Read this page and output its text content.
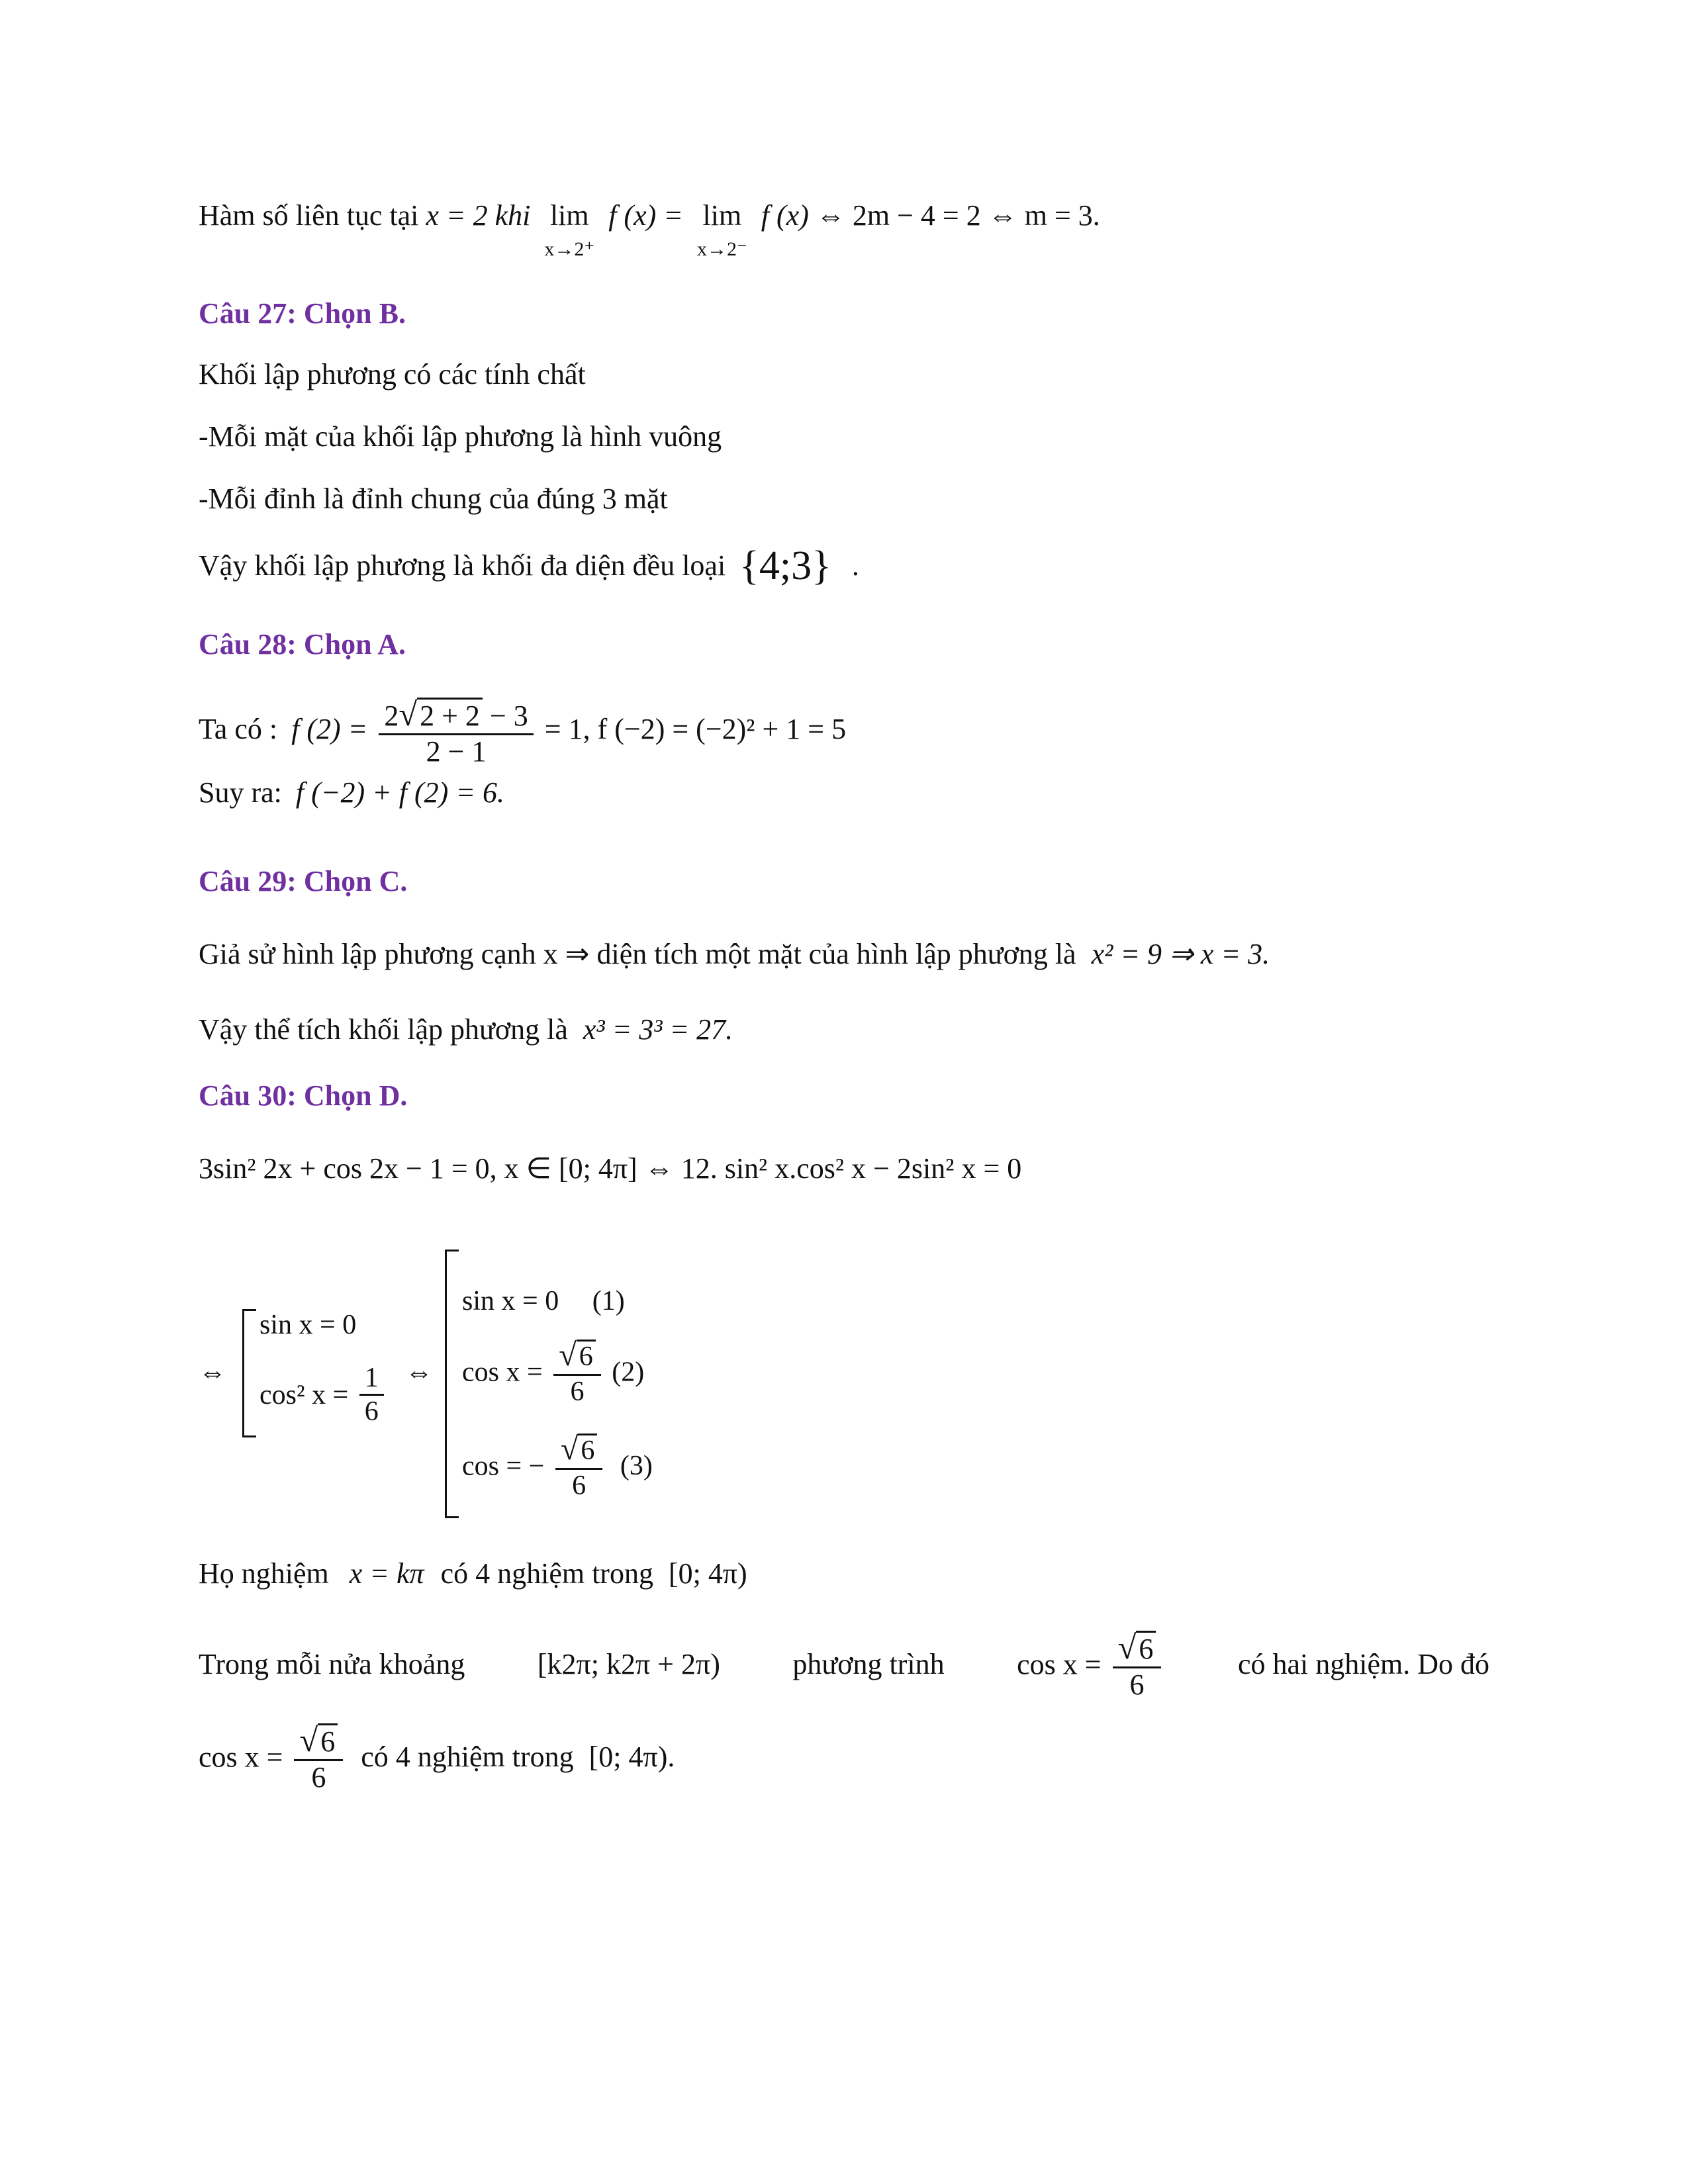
Hàm số liên tục tại x = 2 khi lim
x→2⁺
f (x) = lim
x→2⁻
f (x) ⇔ 2m − 4 = 2 ⇔ m = 3.
Câu 27: Chọn B.
Khối lập phương có các tính chất
-Mỗi mặt của khối lập phương là hình vuông
-Mỗi đỉnh là đỉnh chung của đúng 3 mặt
Vậy khối lập phương là khối đa diện đều loại {4;3} .
Câu 28: Chọn A.
Ta có : f $(2) = \frac{2√2 + 2 - 3}{2 - 1} = 1$, f (−2) = (−2)² + 1 = 5
Suy ra: f (−2) + f (2) = 6.
Câu 29: Chọn C.
Giả sử hình lập phương cạnh x ⇒ diện tích một mặt của hình lập phương là x² = 9 ⇒ x = 3.
Vậy thể tích khối lập phương là x³ = 3³ = 27.
Câu 30: Chọn D.
3sin² 2x + cos 2x − 1 = 0, x ∈ [0; 4π] ⇔ 12. sin² x.cos² x − 2sin² x = 0
⇔
sin x = 0
cos² $x = \frac{1}{6}$ ⇔
sin x = 0 (1)
$\cos x = \frac{√6}{6} (2)$
cos = − $\frac{√6}{6} (3)$
Họ nghiệm x = kπ có 4 nghiệm trong [0; 4π)
Trong mỗi nửa khoảng [k2π; k2π + 2π) phương trình $\cos x = \frac{√6}{6}$	có hai nghiệm. Do đó
$\cos x = \frac{√6}{6}$ có 4 nghiệm trong [0; 4π).
